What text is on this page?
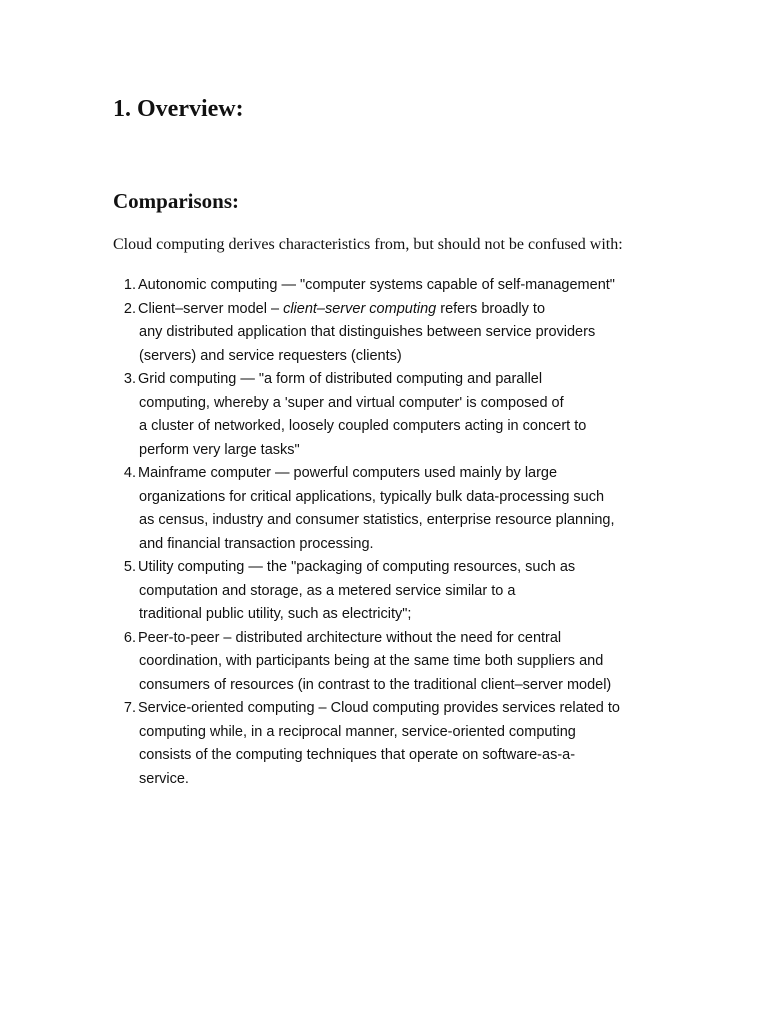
1. Overview:
Comparisons:

Cloud computing derives characteristics from, but should not be confused with:

1. Autonomic computing — "computer systems capable of self-management"
2. Client–server model – client–server computing refers broadly to
any distributed application that distinguishes between service providers
(servers) and service requesters (clients)
3. Grid computing — "a form of distributed computing and parallel
computing, whereby a 'super and virtual computer' is composed of
a cluster of networked, loosely coupled computers acting in concert to
perform very large tasks"
4. Mainframe computer — powerful computers used mainly by large
organizations for critical applications, typically bulk data-processing such
as census, industry and consumer statistics, enterprise resource planning,
and financial transaction processing.
5. Utility computing — the "packaging of computing resources, such as
computation and storage, as a metered service similar to a
traditional public utility, such as electricity";
6. Peer-to-peer – distributed architecture without the need for central
coordination, with participants being at the same time both suppliers and
consumers of resources (in contrast to the traditional client–server model)
7. Service-oriented computing – Cloud computing provides services related to
computing while, in a reciprocal manner, service-oriented computing
consists of the computing techniques that operate on software-as-a-
service.
